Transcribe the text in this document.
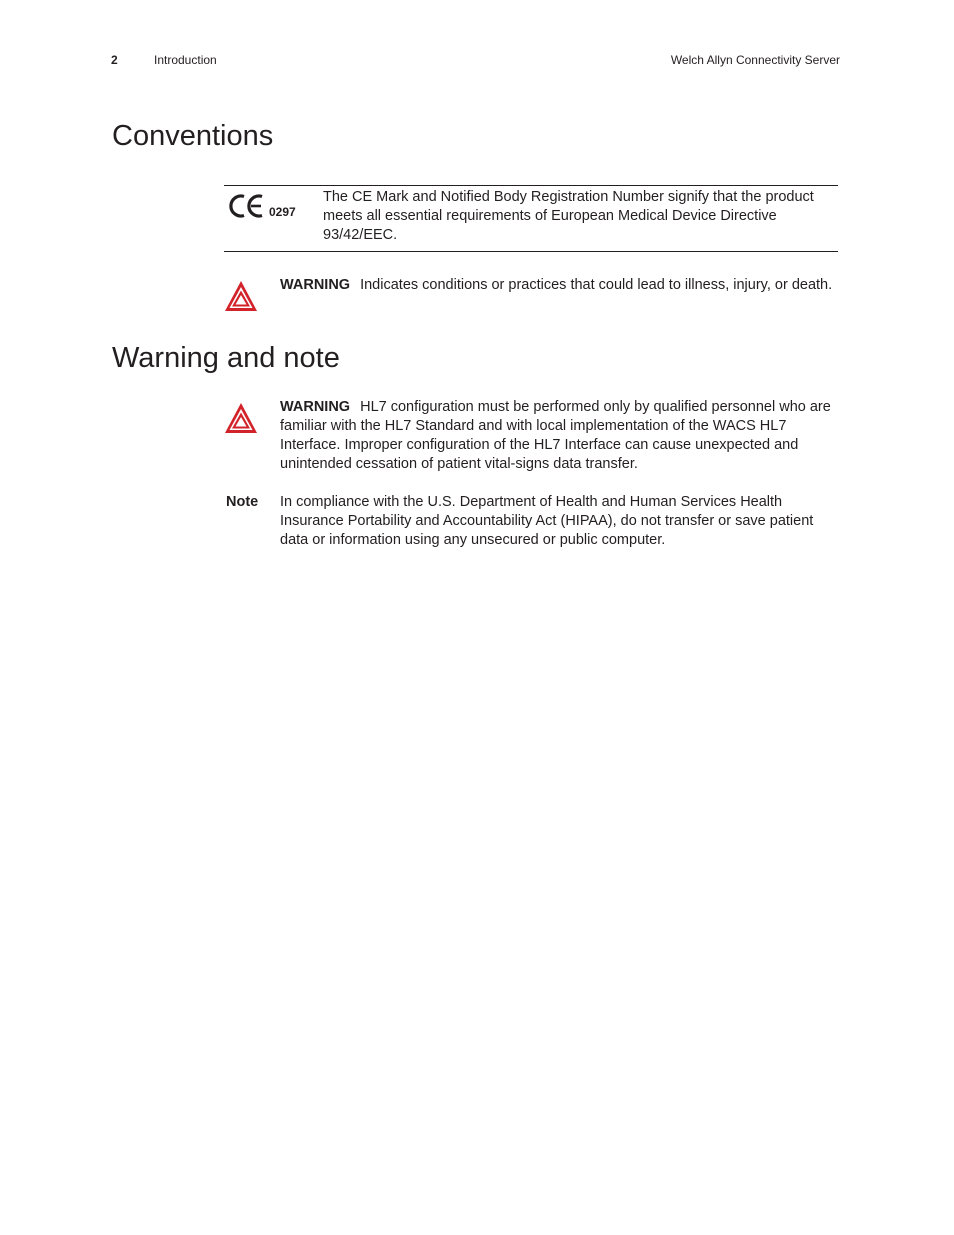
2	Introduction	Welch Allyn Connectivity Server
Conventions
0297
The CE Mark and Notified Body Registration Number signify that the product meets all essential requirements of European Medical Device Directive 93/42/EEC.
WARNING Indicates conditions or practices that could lead to illness, injury, or death.
Warning and note
WARNING HL7 configuration must be performed only by qualified personnel who are familiar with the HL7 Standard and with local implementation of the WACS HL7 Interface. Improper configuration of the HL7 Interface can cause unexpected and unintended cessation of patient vital-signs data transfer.
Note In compliance with the U.S. Department of Health and Human Services Health Insurance Portability and Accountability Act (HIPAA), do not transfer or save patient data or information using any unsecured or public computer.
